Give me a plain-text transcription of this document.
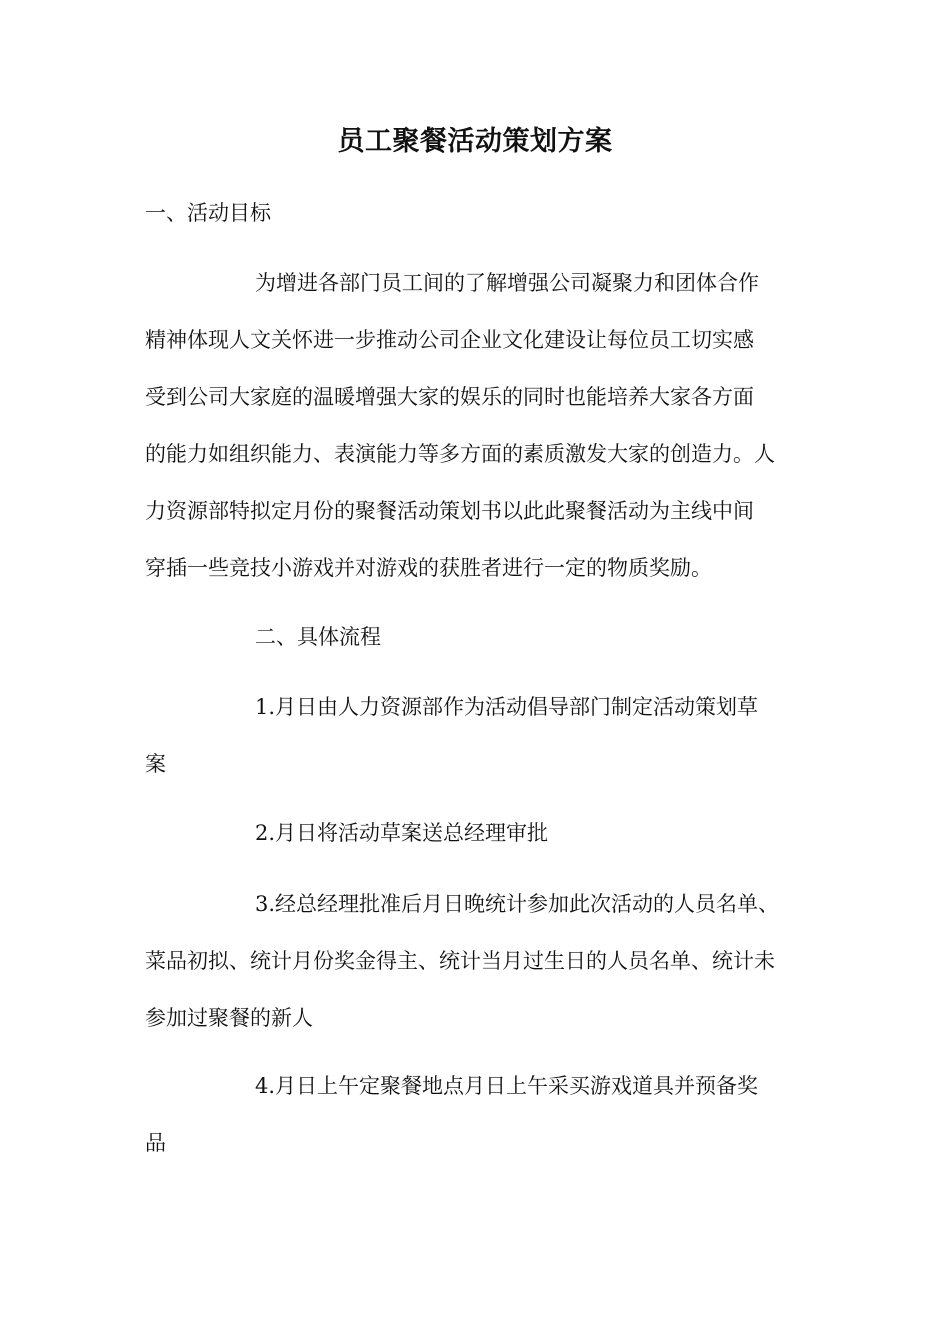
员工聚餐活动策划方案
一、活动目标
为增进各部门员工间的了解增强公司凝聚力和团体合作
精神体现人文关怀进一步推动公司企业文化建设让每位员工切实感
受到公司大家庭的温暖增强大家的娱乐的同时也能培养大家各方面
的能力如组织能力、表演能力等多方面的素质激发大家的创造力。人
力资源部特拟定月份的聚餐活动策划书以此此聚餐活动为主线中间
穿插一些竞技小游戏并对游戏的获胜者进行一定的物质奖励。
二、具体流程
1.月日由人力资源部作为活动倡导部门制定活动策划草
案
2.月日将活动草案送总经理审批
3.经总经理批准后月日晚统计参加此次活动的人员名单、
菜品初拟、统计月份奖金得主、统计当月过生日的人员名单、统计未
参加过聚餐的新人
4.月日上午定聚餐地点月日上午采买游戏道具并预备奖
品
